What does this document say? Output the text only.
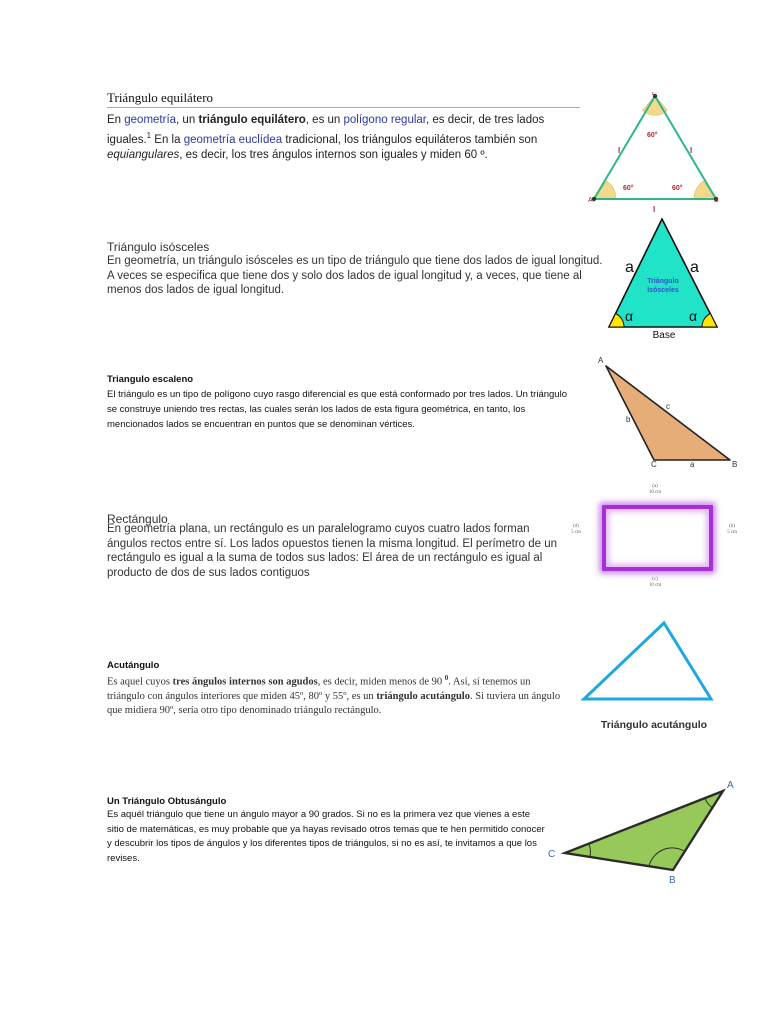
Triángulo equilátero

En geometría, un triángulo equilátero, es un polígono regular, es decir, de tres lados iguales.$^1$ En la geometría euclídea tradicional, los triángulos equiláteros también son equiangulares, es decir, los tres ángulos internos son iguales y miden 60 º.

C
A	B
60°
60°	60°
l	l
l
Triángulo isósceles

En geometría, un triángulo isósceles es un tipo de triángulo que tiene dos lados de igual longitud. A veces se especifica que tiene dos y solo dos lados de igual longitud y, a veces, que tiene al menos dos lados de igual longitud.

a	a
Triángulo
Isósceles
α	α
Base
Triangulo escaleno

El triángulo es un tipo de polígono cuyo rasgo diferencial es que está conformado por tres lados. Un triángulo se construye uniendo tres rectas, las cuales serán los lados de esta figura geométrica, en tanto, los mencionados lados se encuentran en puntos que se denominan vértices.

A
C	B
b
c
a
Rectángulo

En geometría plana, un rectángulo es un paralelogramo cuyos cuatro lados forman ángulos rectos entre sí. Los lados opuestos tienen la misma longitud. El perímetro de un rectángulo es igual a la suma de todos sus lados: El área de un rectángulo es igual al producto de dos de sus lados contiguos

(a)
10 cm
(c)
10 cm
(d)
5 cm
(b)
5 cm
Acutángulo

Es aquel cuyos tres ángulos internos son agudos, es decir, miden menos de 90 $^0$. Así, sí tenemos un triángulo con ángulos interiores que miden 45º, 80º y 55º, es un triángulo acutángulo. Si tuviera un ángulo que midiera 90º, sería otro tipo denominado triángulo rectángulo.

Triángulo acutángulo
Un Triángulo Obtusángulo

Es aquél triángulo que tiene un ángulo mayor a 90 grados. Si no es la primera vez que vienes a este sitio de matemáticas, es muy probable que ya hayas revisado otros temas que te hen permitido conocer y descubrir los tipos de ángulos y los diferentes tipos de triángulos, si no es así, te invitamos a que los revises.

A
C
B
